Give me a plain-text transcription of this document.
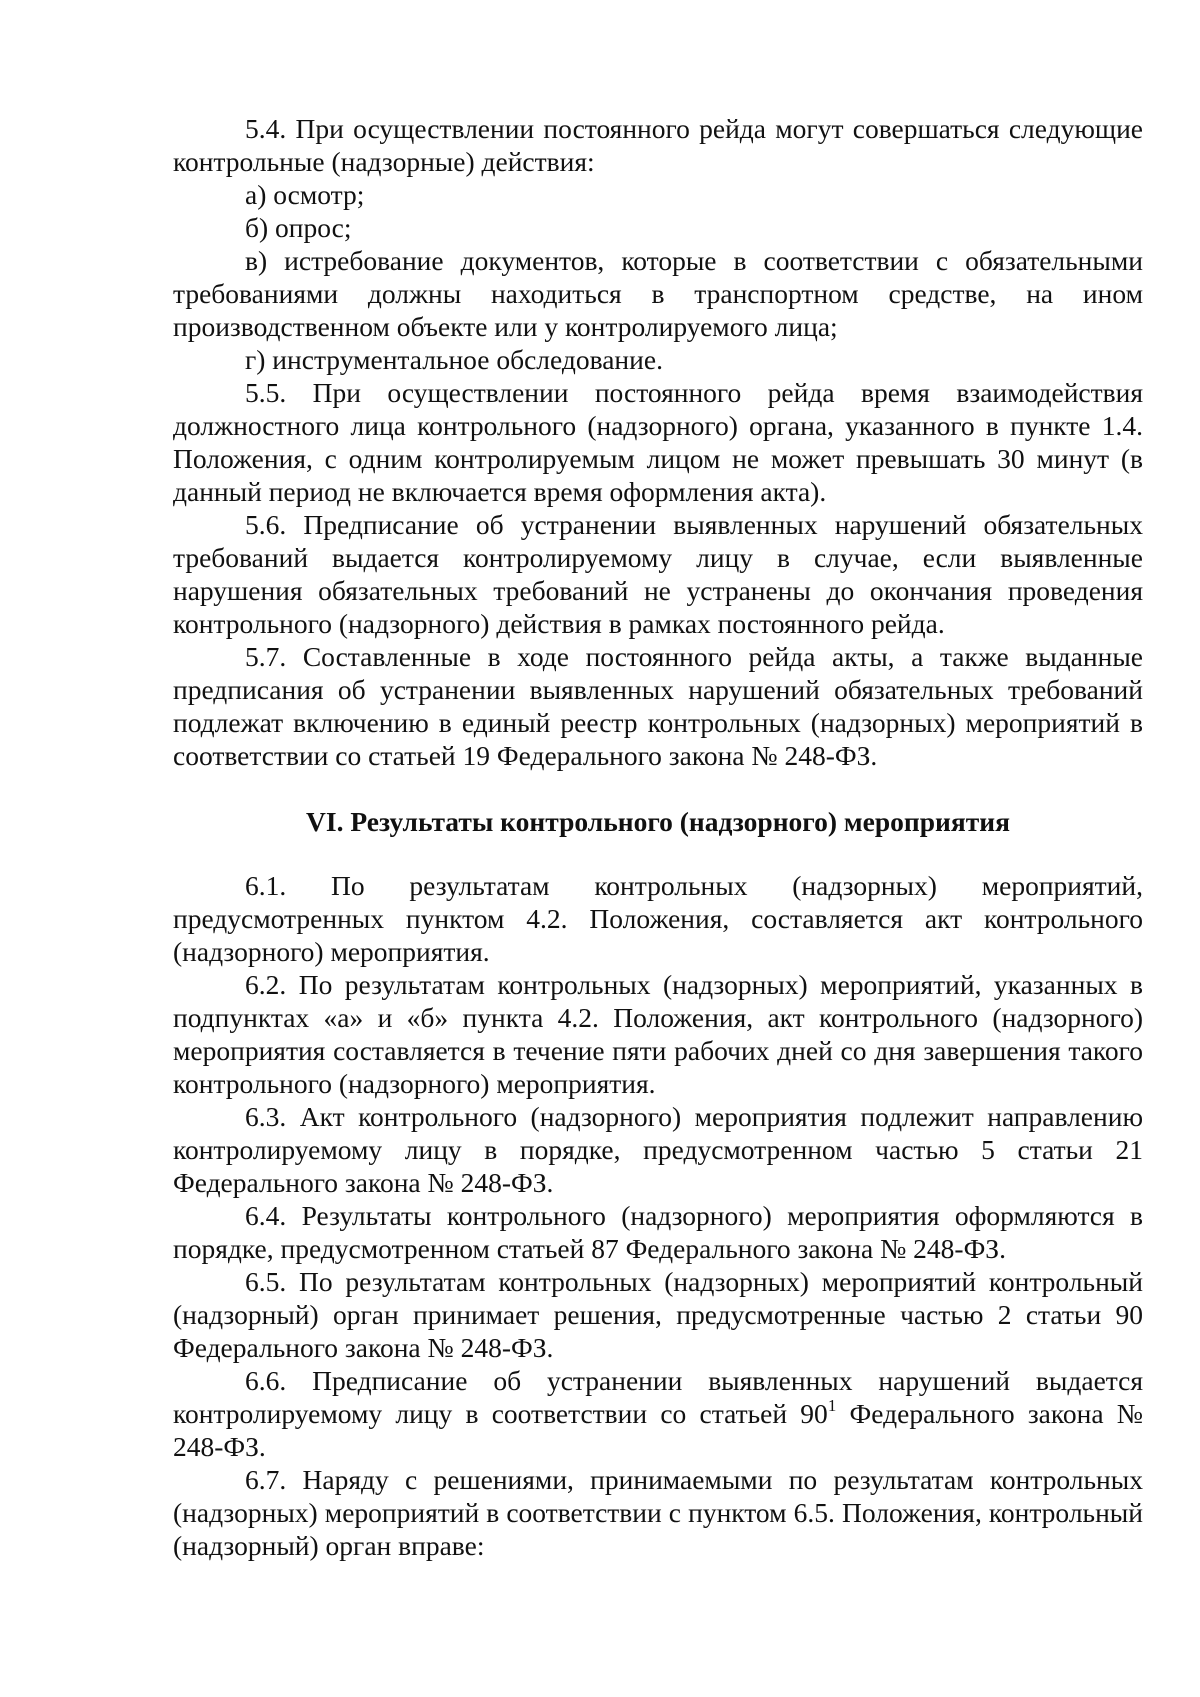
5.4. При осуществлении постоянного рейда могут совершаться следующие контрольные (надзорные) действия:

а) осмотр;

б) опрос;

в) истребование документов, которые в соответствии с обязательными требованиями должны находиться в транспортном средстве, на ином производственном объекте или у контролируемого лица;

г) инструментальное обследование.

5.5. При осуществлении постоянного рейда время взаимодействия должностного лица контрольного (надзорного) органа, указанного в пункте 1.4. Положения, с одним контролируемым лицом не может превышать 30 минут (в данный период не включается время оформления акта).

5.6. Предписание об устранении выявленных нарушений обязательных требований выдается контролируемому лицу в случае, если выявленные нарушения обязательных требований не устранены до окончания проведения контрольного (надзорного) действия в рамках постоянного рейда.

5.7. Составленные в ходе постоянного рейда акты, а также выданные предписания об устранении выявленных нарушений обязательных требований подлежат включению в единый реестр контрольных (надзорных) мероприятий в соответствии со статьей 19 Федерального закона № 248-ФЗ.

VI. Результаты контрольного (надзорного) мероприятия

6.1. По результатам контрольных (надзорных) мероприятий, предусмотренных пунктом 4.2. Положения, составляется акт контрольного (надзорного) мероприятия.

6.2. По результатам контрольных (надзорных) мероприятий, указанных в подпунктах «а» и «б» пункта 4.2. Положения, акт контрольного (надзорного) мероприятия составляется в течение пяти рабочих дней со дня завершения такого контрольного (надзорного) мероприятия.

6.3. Акт контрольного (надзорного) мероприятия подлежит направлению контролируемому лицу в порядке, предусмотренном частью 5 статьи 21 Федерального закона № 248-ФЗ.

6.4. Результаты контрольного (надзорного) мероприятия оформляются в порядке, предусмотренном статьей 87 Федерального закона № 248-ФЗ.

6.5. По результатам контрольных (надзорных) мероприятий контрольный (надзорный) орган принимает решения, предусмотренные частью 2 статьи 90 Федерального закона № 248-ФЗ.

6.6. Предписание об устранении выявленных нарушений выдается контролируемому лицу в соответствии со статьей $90^1$ Федерального закона № 248-ФЗ.

6.7. Наряду с решениями, принимаемыми по результатам контрольных (надзорных) мероприятий в соответствии с пунктом 6.5. Положения, контрольный (надзорный) орган вправе:
